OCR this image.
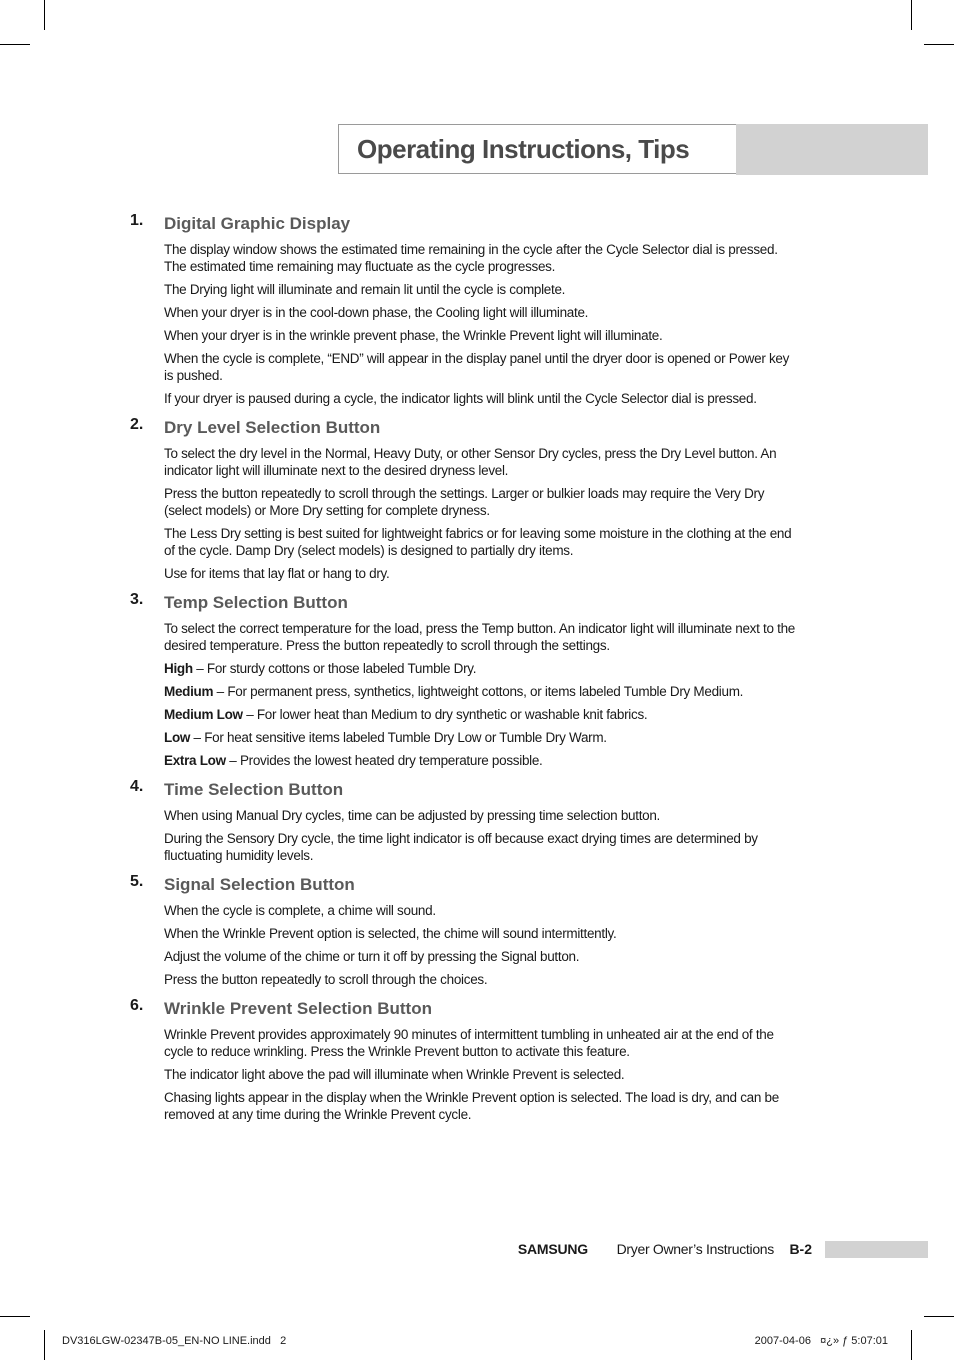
Operating Instructions, Tips
1. Digital Graphic Display

The display window shows the estimated time remaining in the cycle after the Cycle Selector dial is pressed. The estimated time remaining may fluctuate as the cycle progresses.

The Drying light will illuminate and remain lit until the cycle is complete.

When your dryer is in the cool-down phase, the Cooling light will illuminate.

When your dryer is in the wrinkle prevent phase, the Wrinkle Prevent light will illuminate.

When the cycle is complete, “END” will appear in the display panel until the dryer door is opened or Power key is pushed.

If your dryer is paused during a cycle, the indicator lights will blink until the Cycle Selector dial is pressed.

2. Dry Level Selection Button

To select the dry level in the Normal, Heavy Duty, or other Sensor Dry cycles, press the Dry Level button. An indicator light will illuminate next to the desired dryness level.

Press the button repeatedly to scroll through the settings. Larger or bulkier loads may require the Very Dry (select models) or More Dry setting for complete dryness.

The Less Dry setting is best suited for lightweight fabrics or for leaving some moisture in the clothing at the end of the cycle. Damp Dry (select models) is designed to partially dry items.

Use for items that lay flat or hang to dry.

3. Temp Selection Button

To select the correct temperature for the load, press the Temp button. An indicator light will illuminate next to the desired temperature. Press the button repeatedly to scroll through the settings.

High – For sturdy cottons or those labeled Tumble Dry.

Medium – For permanent press, synthetics, lightweight cottons, or items labeled Tumble Dry Medium.

Medium Low – For lower heat than Medium to dry synthetic or washable knit fabrics.

Low – For heat sensitive items labeled Tumble Dry Low or Tumble Dry Warm.

Extra Low – Provides the lowest heated dry temperature possible.

4. Time Selection Button

When using Manual Dry cycles, time can be adjusted by pressing time selection button.

During the Sensory Dry cycle, the time light indicator is off because exact drying times are determined by fluctuating humidity levels.

5. Signal Selection Button

When the cycle is complete, a chime will sound.

When the Wrinkle Prevent option is selected, the chime will sound intermittently.

Adjust the volume of the chime or turn it off by pressing the Signal button.

Press the button repeatedly to scroll through the choices.

6. Wrinkle Prevent Selection Button

Wrinkle Prevent provides approximately 90 minutes of intermittent tumbling in unheated air at the end of the cycle to reduce wrinkling. Press the Wrinkle Prevent button to activate this feature.

The indicator light above the pad will illuminate when Wrinkle Prevent is selected.

Chasing lights appear in the display when the Wrinkle Prevent option is selected. The load is dry, and can be removed at any time during the Wrinkle Prevent cycle.

SAMSUNG Dryer Owner’s Instructions B-2
DV316LGW-02347B-05_EN-NO LINE.indd   2	2007-04-06   ¤¿» ƒ 5:07:01
